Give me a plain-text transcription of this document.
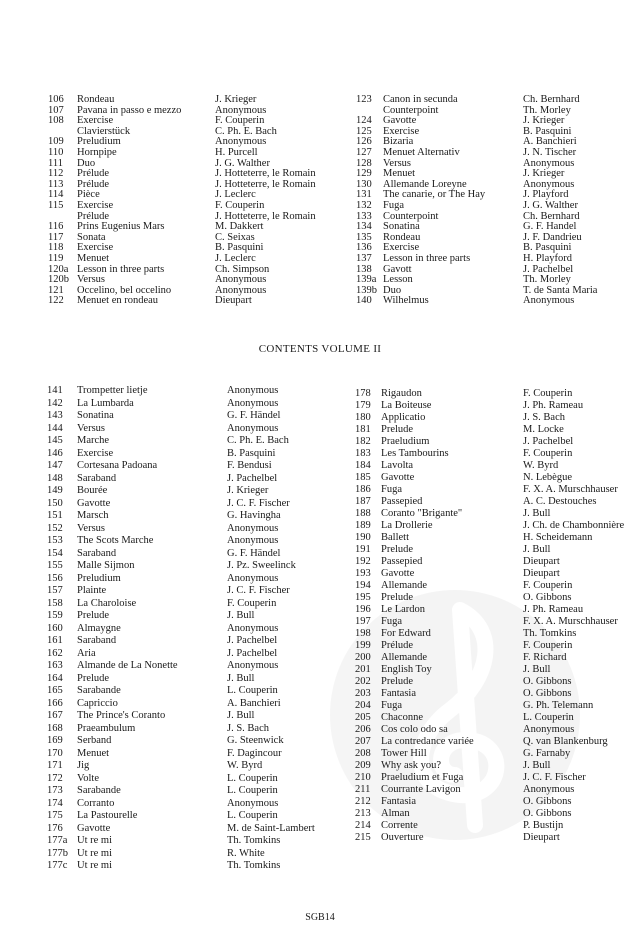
106 Rondeau	J. Krieger
107 Pavana in passo e mezzo	Anonymous
108 Exercise	F. Couperin
Clavierstück	C. Ph. E. Bach
109 Preludium	Anonymous
110 Hornpipe	H. Purcell
111 Duo	J. G. Walther
112 Prélude	J. Hotteterre, le Romain
113 Prélude	J. Hotteterre, le Romain
114 Pièce	J. Leclerc
115 Exercise	F. Couperin
Prélude	J. Hotteterre, le Romain
116 Prins Eugenius Mars	M. Dakkert
117 Sonata	C. Seixas
118 Exercise	B. Pasquini
119 Menuet	J. Leclerc
120a Lesson in three parts	Ch. Simpson
120b Versus	Anonymous
121 Occelino, bel occelino	Anonymous
122 Menuet en rondeau	Dieupart
123 Canon in secunda	Ch. Bernhard
Counterpoint	Th. Morley
124 Gavotte	J. Krieger
125 Exercise	B. Pasquini
126 Bizaria	A. Banchieri
127 Menuet Alternativ	J. N. Tischer
128 Versus	Anonymous
129 Menuet	J. Krieger
130 Allemande Loreyne	Anonymous
131 The canarie, or The Hay	J. Playford
132 Fuga	J. G. Walther
133 Counterpoint	Ch. Bernhard
134 Sonatina	G. F. Handel
135 Rondeau	J. F. Dandrieu
136 Exercise	B. Pasquini
137 Lesson in three parts	H. Playford
138 Gavott	J. Pachelbel
139a Lesson	Th. Morley
139b Duo	T. de Santa Maria
140 Wilhelmus	Anonymous
CONTENTS VOLUME II
141 Trompetter lietje	Anonymous
142 La Lumbarda	Anonymous
143 Sonatina	G. F. Händel
144 Versus	Anonymous
145 Marche	C. Ph. E. Bach
146 Exercise	B. Pasquini
147 Cortesana Padoana	F. Bendusi
148 Saraband	J. Pachelbel
149 Bourée	J. Krieger
150 Gavotte	J. C. F. Fischer
151 Marsch	G. Havingha
152 Versus	Anonymous
153 The Scots Marche	Anonymous
154 Saraband	G. F. Händel
155 Malle Sijmon	J. Pz. Sweelinck
156 Preludium	Anonymous
157 Plainte	J. C. F. Fischer
158 La Charoloise	F. Couperin
159 Prelude	J. Bull
160 Almaygne	Anonymous
161 Saraband	J. Pachelbel
162 Aria	J. Pachelbel
163 Almande de La Nonette	Anonymous
164 Prelude	J. Bull
165 Sarabande	L. Couperin
166 Capriccio	A. Banchieri
167 The Prince's Coranto	J. Bull
168 Praeambulum	J. S. Bach
169 Serband	G. Steenwick
170 Menuet	F. Dagincour
171 Jig	W. Byrd
172 Volte	L. Couperin
173 Sarabande	L. Couperin
174 Corranto	Anonymous
175 La Pastourelle	L. Couperin
176 Gavotte	M. de Saint-Lambert
177a Ut re mi	Th. Tomkins
177b Ut re mi	R. White
177c Ut re mi	Th. Tomkins
178 Rigaudon	F. Couperin
179 La Boiteuse	J. Ph. Rameau
180 Applicatio	J. S. Bach
181 Prelude	M. Locke
182 Praeludium	J. Pachelbel
183 Les Tambourins	F. Couperin
184 Lavolta	W. Byrd
185 Gavotte	N. Lebègue
186 Fuga	F. X. A. Murschhauser
187 Passepied	A. C. Destouches
188 Coranto "Brigante"	J. Bull
189 La Drollerie	J. Ch. de Chambonnière
190 Ballett	H. Scheidemann
191 Prelude	J. Bull
192 Passepied	Dieupart
193 Gavotte	Dieupart
194 Allemande	F. Couperin
195 Prelude	O. Gibbons
196 Le Lardon	J. Ph. Rameau
197 Fuga	F. X. A. Murschhauser
198 For Edward	Th. Tomkins
199 Prélude	F. Couperin
200 Allemande	F. Richard
201 English Toy	J. Bull
202 Prelude	O. Gibbons
203 Fantasia	O. Gibbons
204 Fuga	G. Ph. Telemann
205 Chaconne	L. Couperin
206 Cos colo odo sa	Anonymous
207 La contredance variée	Q. van Blankenburg
208 Tower Hill	G. Farnaby
209 Why ask you?	J. Bull
210 Praeludium et Fuga	J. C. F. Fischer
211 Courrante Lavigon	Anonymous
212 Fantasia	O. Gibbons
213 Alman	O. Gibbons
214 Corrente	P. Bustijn
215 Ouverture	Dieupart
SGB14
